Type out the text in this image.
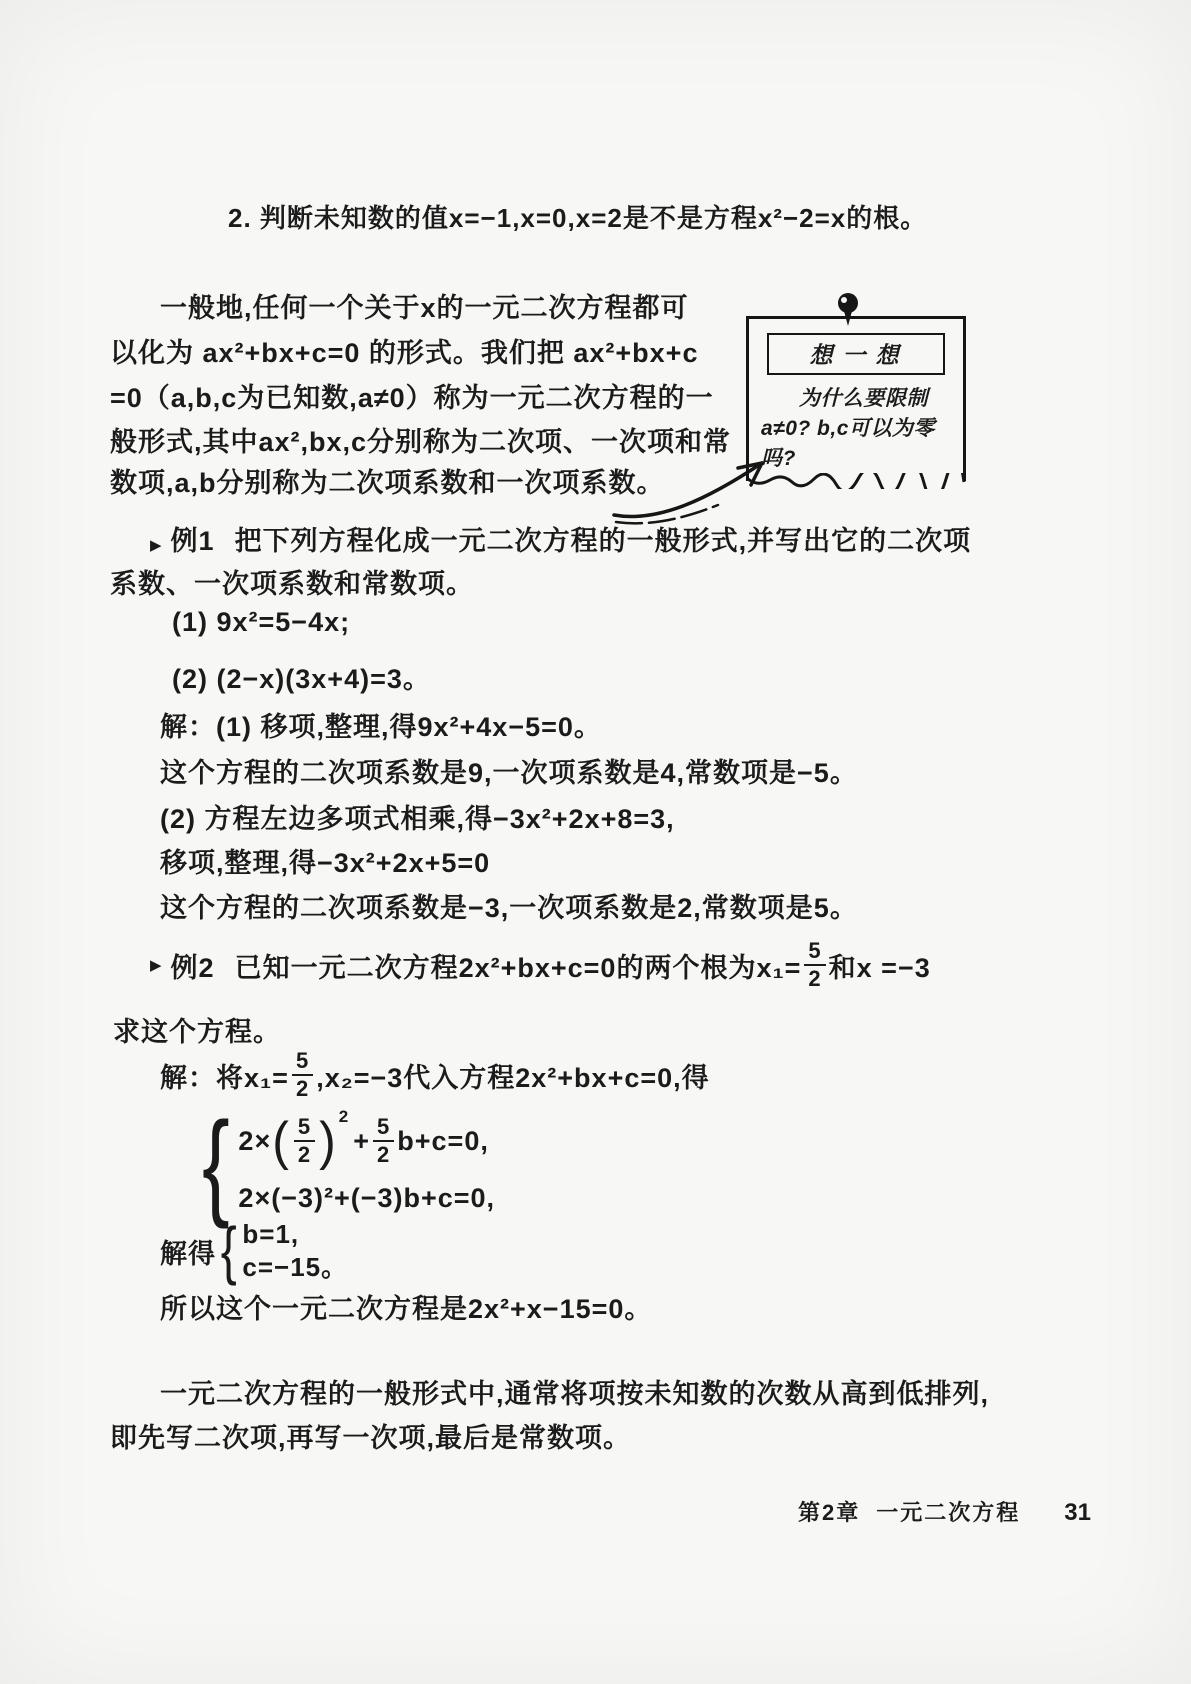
2. 判断未知数的值x=−1,x=0,x=2是不是方程x²−2=x的根。
一般地,任何一个关于x的一元二次方程都可
以化为 ax²+bx+c=0 的形式。我们把 ax²+bx+c
=0（a,b,c为已知数,a≠0）称为一元二次方程的一
般形式,其中ax²,bx,c分别称为二次项、一次项和常
数项,a,b分别称为二次项系数和一次项系数。
想一想
为什么要限制
a≠0? b,c可以为零
吗?
▶ 例1 把下列方程化成一元二次方程的一般形式,并写出它的二次项
系数、一次项系数和常数项。
(1) 9x²=5−4x;
(2) (2−x)(3x+4)=3。
解：(1) 移项,整理,得9x²+4x−5=0。
这个方程的二次项系数是9,一次项系数是4,常数项是−5。
(2) 方程左边多项式相乘,得−3x²+2x+8=3,
移项,整理,得−3x²+2x+5=0
这个方程的二次项系数是−3,一次项系数是2,常数项是5。
▶ 例2 已知一元二次方程2x²+bx+c=0的两个根为$x_1= \frac{5}{2}$ 和x =−3
求这个方程。
解：将$x_1= \frac{5}{2} ,x_2=-3$代入方程2x²+bx+c=0,得
{ 2× ( $\frac{5}{2}$ ) 2
+ $\frac{5}{2} b+c=0$,
2×(−3)²+(−3)b+c=0,
解得 { b=1,
c=−15。
所以这个一元二次方程是2x²+x−15=0。
一元二次方程的一般形式中,通常将项按未知数的次数从高到低排列,
即先写二次项,再写一次项,最后是常数项。
第2章 一元二次方程 31
